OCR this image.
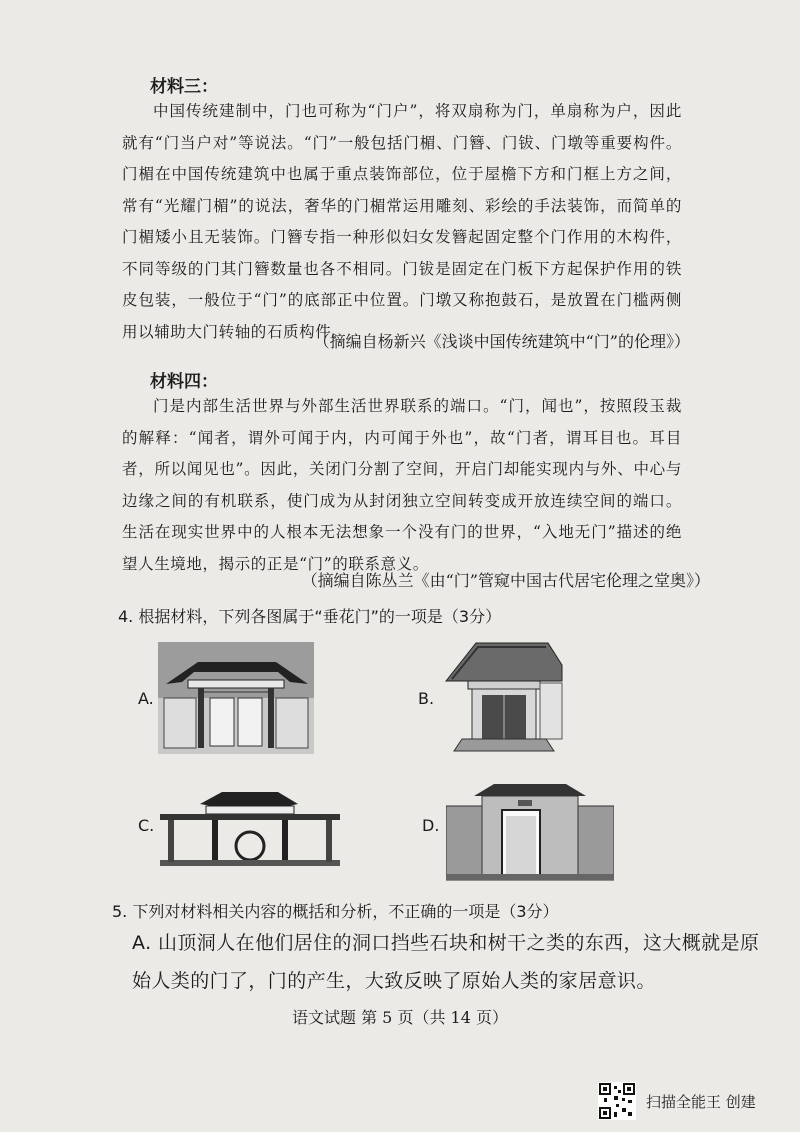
材料三：
中国传统建制中，门也可称为“门户”，将双扇称为门，单扇称为户，因此就有“门当户对”等说法。“门”一般包括门楣、门簪、门钹、门墩等重要构件。门楣在中国传统建筑中也属于重点装饰部位，位于屋檐下方和门框上方之间，常有“光耀门楣”的说法，奢华的门楣常运用雕刻、彩绘的手法装饰，而简单的门楣矮小且无装饰。门簪专指一种形似妇女发簪起固定整个门作用的木构件，不同等级的门其门簪数量也各不相同。门钹是固定在门板下方起保护作用的铁皮包装，一般位于“门”的底部正中位置。门墩又称抱鼓石，是放置在门槛两侧用以辅助大门转轴的石质构件。
（摘编自杨新兴《浅谈中国传统建筑中“门”的伦理》）
材料四：
门是内部生活世界与外部生活世界联系的端口。“门，闻也”，按照段玉裁的解释：“闻者，谓外可闻于内，内可闻于外也”，故“门者，谓耳目也。耳目者，所以闻见也”。因此，关闭门分割了空间，开启门却能实现内与外、中心与边缘之间的有机联系，使门成为从封闭独立空间转变成开放连续空间的端口。生活在现实世界中的人根本无法想象一个没有门的世界，“入地无门”描述的绝望人生境地，揭示的正是“门”的联系意义。
（摘编自陈丛兰《由“门”管窥中国古代居宅伦理之堂奥》）
4. 根据材料，下列各图属于“垂花门”的一项是（3分）
A.	B.
C.	D.
5. 下列对材料相关内容的概括和分析，不正确的一项是（3分）
A. 山顶洞人在他们居住的洞口挡些石块和树干之类的东西，这大概就是原
始人类的门了，门的产生，大致反映了原始人类的家居意识。
语文试题 第 5 页（共 14 页）
扫描全能王 创建
